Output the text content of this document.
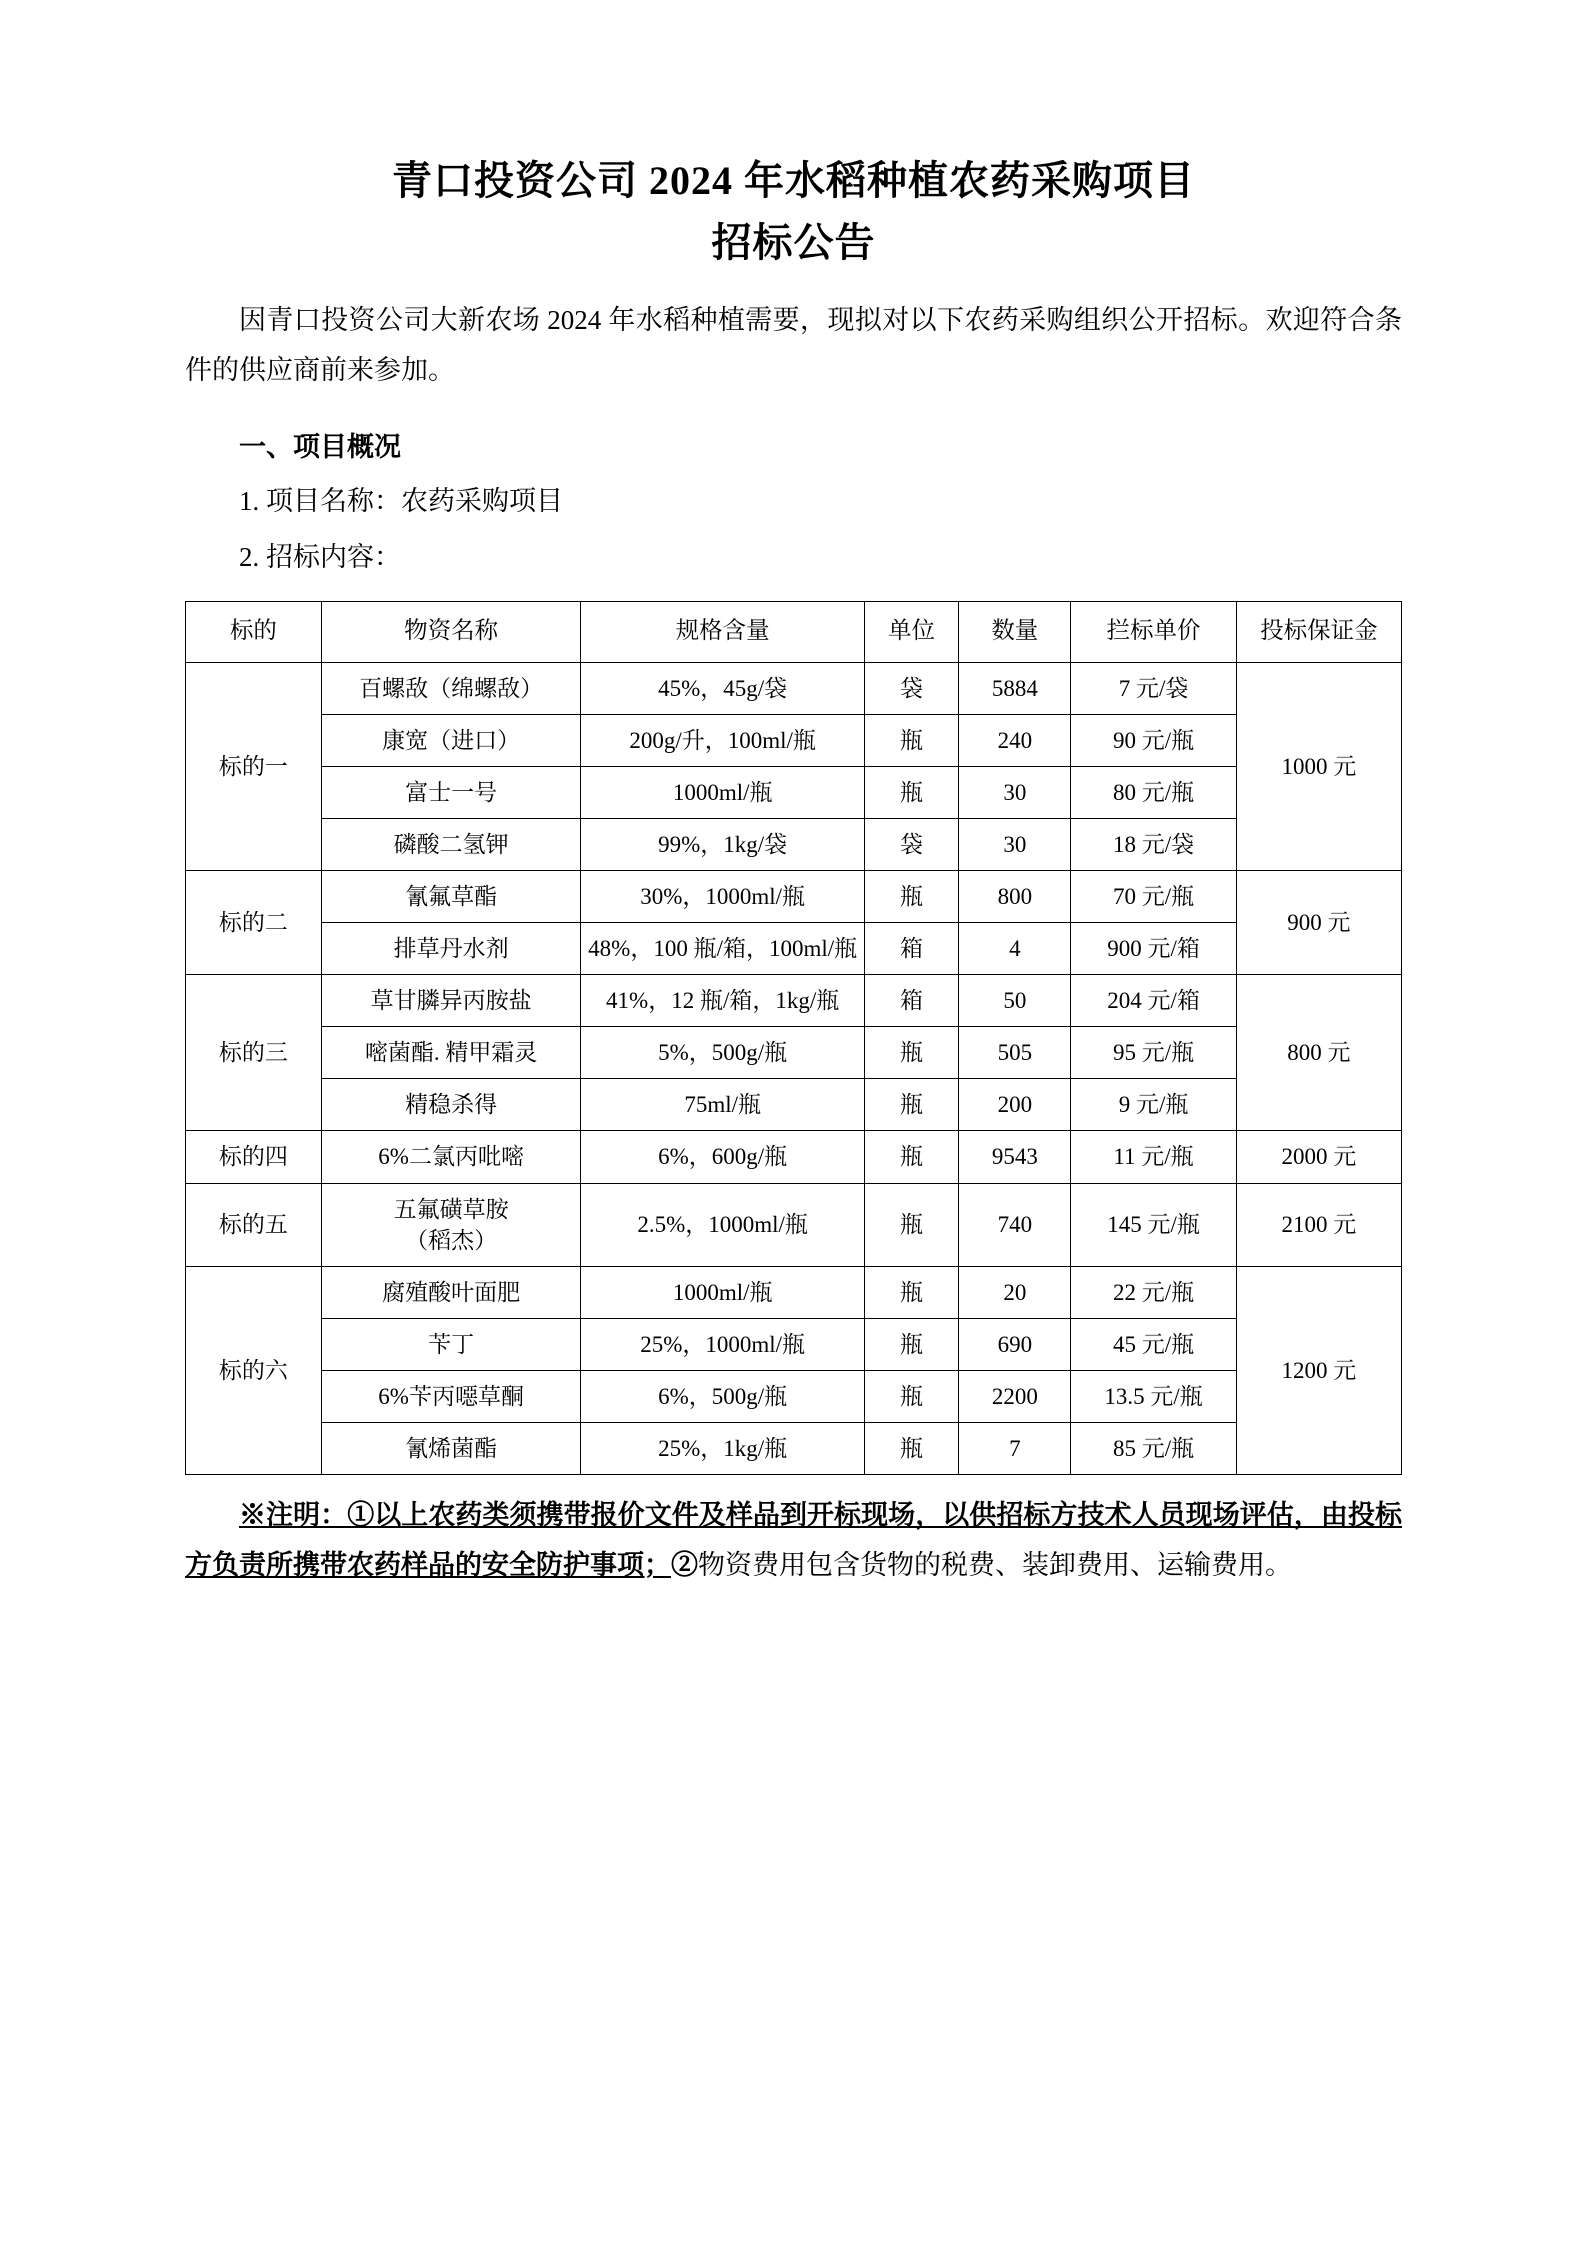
青口投资公司 2024 年水稻种植农药采购项目
招标公告

因青口投资公司大新农场 2024 年水稻种植需要，现拟对以下农药采购组织公开招标。欢迎符合条件的供应商前来参加。

一、项目概况
1. 项目名称：农药采购项目
2. 招标内容：
标的	物资名称	规格含量	单位	数量	拦标单价	投标保证金
标的一	百螺敌（绵螺敌）	45%，45g/袋	袋	5884	7 元/袋	1000 元
	康宽（进口）	200g/升，100ml/瓶	瓶	240	90 元/瓶	
	富士一号	1000ml/瓶	瓶	30	80 元/瓶	
	磷酸二氢钾	99%，1kg/袋	袋	30	18 元/袋	
标的二	氰氟草酯	30%，1000ml/瓶	瓶	800	70 元/瓶	900 元
	排草丹水剂	48%，100 瓶/箱，100ml/瓶	箱	4	900 元/箱	
标的三	草甘膦异丙胺盐	41%，12 瓶/箱，1kg/瓶	箱	50	204 元/箱	800 元
	嘧菌酯. 精甲霜灵	5%，500g/瓶	瓶	505	95 元/瓶	
	精稳杀得	75ml/瓶	瓶	200	9 元/瓶	
标的四	6%二氯丙吡嘧	6%，600g/瓶	瓶	9543	11 元/瓶	2000 元
标的五	五氟磺草胺
（稻杰）	2.5%，1000ml/瓶	瓶	740	145 元/瓶	2100 元
标的六	腐殖酸叶面肥	1000ml/瓶	瓶	20	22 元/瓶	1200 元
	苄丁	25%，1000ml/瓶	瓶	690	45 元/瓶	
	6%苄丙噁草酮	6%，500g/瓶	瓶	2200	13.5 元/瓶	
	氰烯菌酯	25%，1kg/瓶	瓶	7	85 元/瓶	

※注明：①以上农药类须携带报价文件及样品到开标现场，以供招标方技术人员现场评估，由投标方负责所携带农药样品的安全防护事项；②物资费用包含货物的税费、装卸费用、运输费用。
